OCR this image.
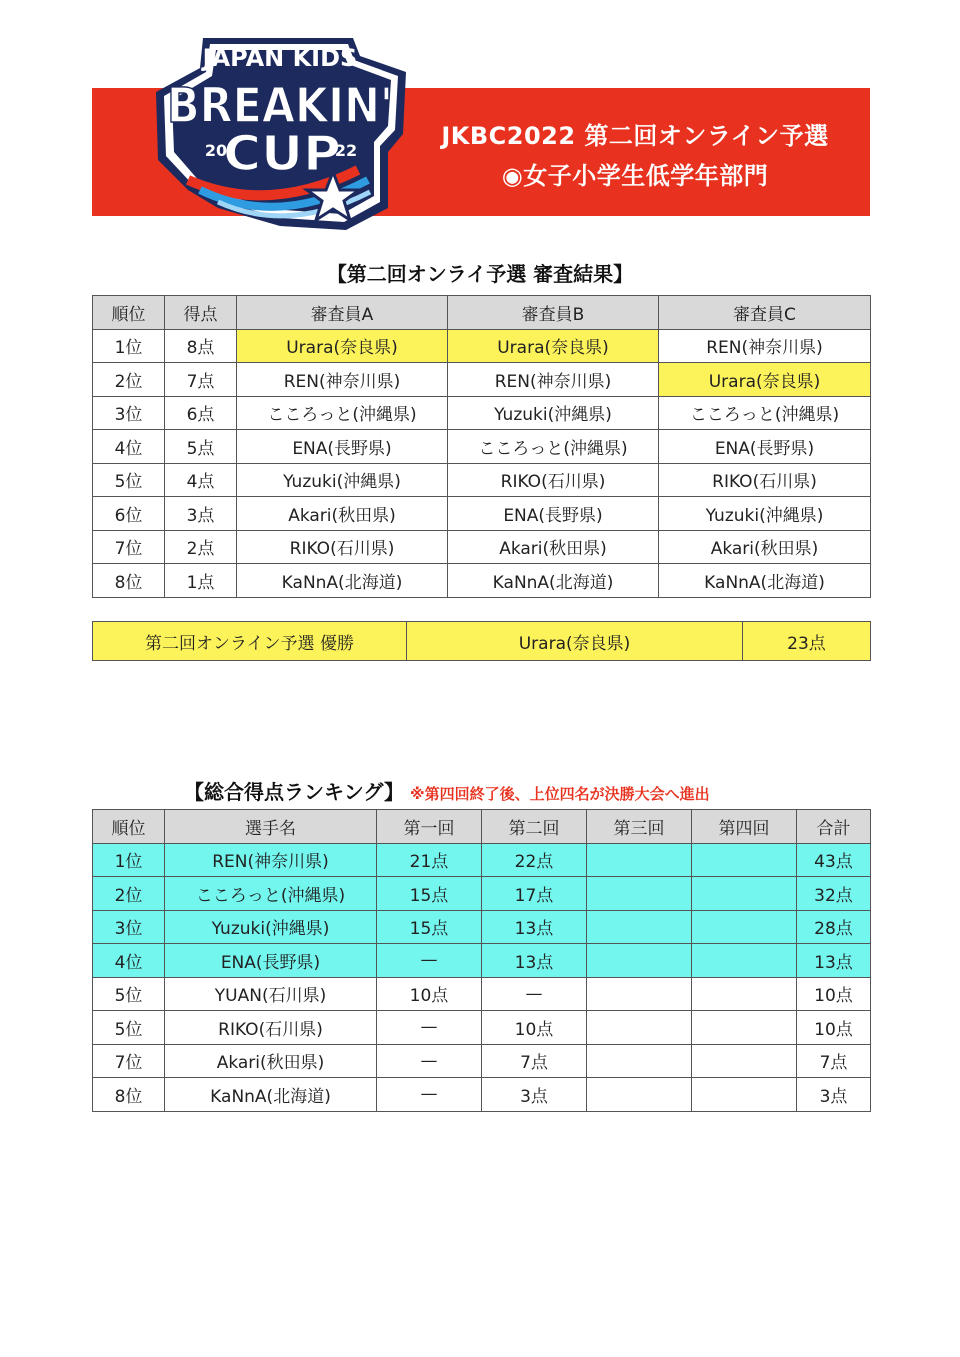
JKBC2022 第二回オンライン予選
◉女子小学生低学年部門
JAPAN KIDS
BREAKIN'
CUP
20	22
【第二回オンライ予選 審査結果】
順位	得点	審査員A	審査員B	審査員C
1位	8点	Urara(奈良県)	Urara(奈良県)	REN(神奈川県)
2位	7点	REN(神奈川県)	REN(神奈川県)	Urara(奈良県)
3位	6点	こころっと(沖縄県)	Yuzuki(沖縄県)	こころっと(沖縄県)
4位	5点	ENA(長野県)	こころっと(沖縄県)	ENA(長野県)
5位	4点	Yuzuki(沖縄県)	RIKO(石川県)	RIKO(石川県)
6位	3点	Akari(秋田県)	ENA(長野県)	Yuzuki(沖縄県)
7位	2点	RIKO(石川県)	Akari(秋田県)	Akari(秋田県)
8位	1点	KaNnA(北海道)	KaNnA(北海道)	KaNnA(北海道)
第二回オンライン予選 優勝	Urara(奈良県)	23点
【総合得点ランキング】 ※第四回終了後、上位四名が決勝大会へ進出
順位	選手名	第一回	第二回	第三回	第四回	合計
1位	REN(神奈川県)	21点	22点			43点
2位	こころっと(沖縄県)	15点	17点			32点
3位	Yuzuki(沖縄県)	15点	13点			28点
4位	ENA(長野県)	—	13点			13点
5位	YUAN(石川県)	10点	—			10点
5位	RIKO(石川県)	—	10点			10点
7位	Akari(秋田県)	—	7点			7点
8位	KaNnA(北海道)	—	3点			3点
